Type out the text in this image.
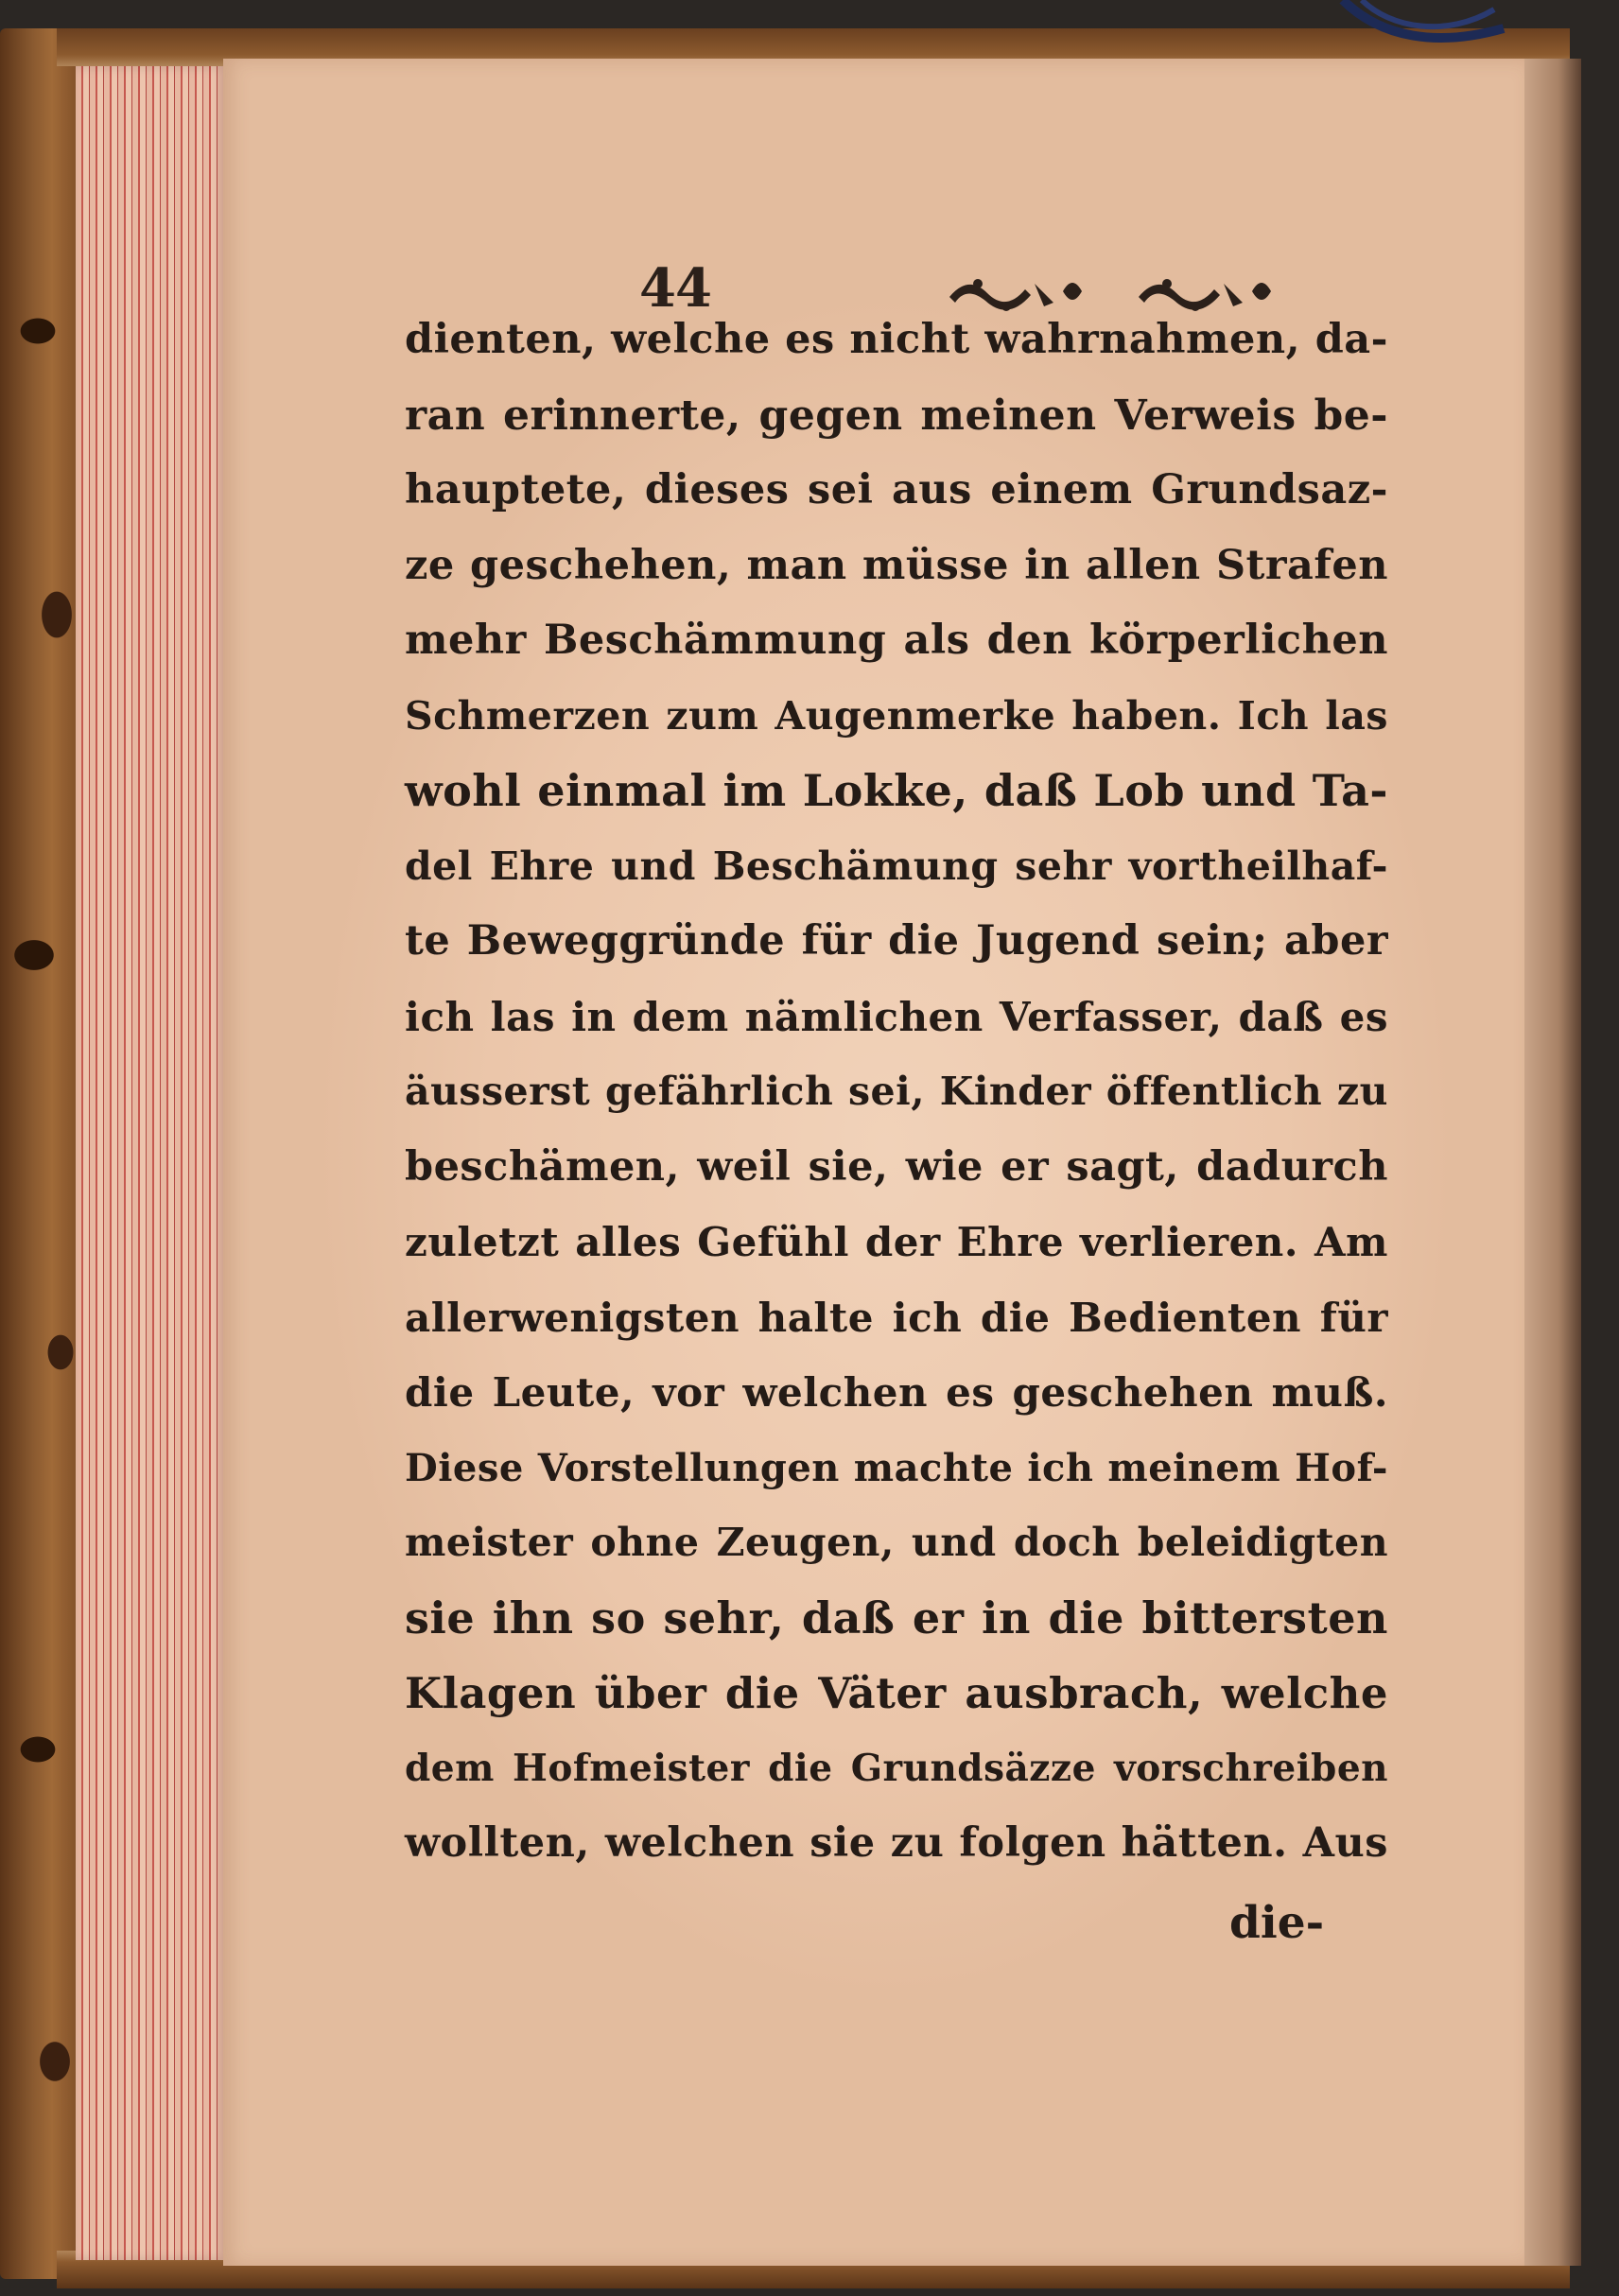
44
dienten, welche es nicht wahrnahmen, da-
ran erinnerte, gegen meinen Verweis be-
hauptete, dieses sei aus einem Grundsaz-
ze geschehen, man müsse in allen Strafen
mehr Beschämmung als den körperlichen
Schmerzen zum Augenmerke haben. Ich las
wohl einmal im Lokke, daß Lob und Ta-
del Ehre und Beschämung sehr vortheilhaf-
te Beweggründe für die Jugend sein; aber
ich las in dem nämlichen Verfasser, daß es
äusserst gefährlich sei, Kinder öffentlich zu
beschämen, weil sie, wie er sagt, dadurch
zuletzt alles Gefühl der Ehre verlieren. Am
allerwenigsten halte ich die Bedienten für
die Leute, vor welchen es geschehen muß.
Diese Vorstellungen machte ich meinem Hof-
meister ohne Zeugen, und doch beleidigten
sie ihn so sehr, daß er in die bittersten
Klagen über die Väter ausbrach, welche
dem Hofmeister die Grundsäzze vorschreiben
wollten, welchen sie zu folgen hätten. Aus
die-
